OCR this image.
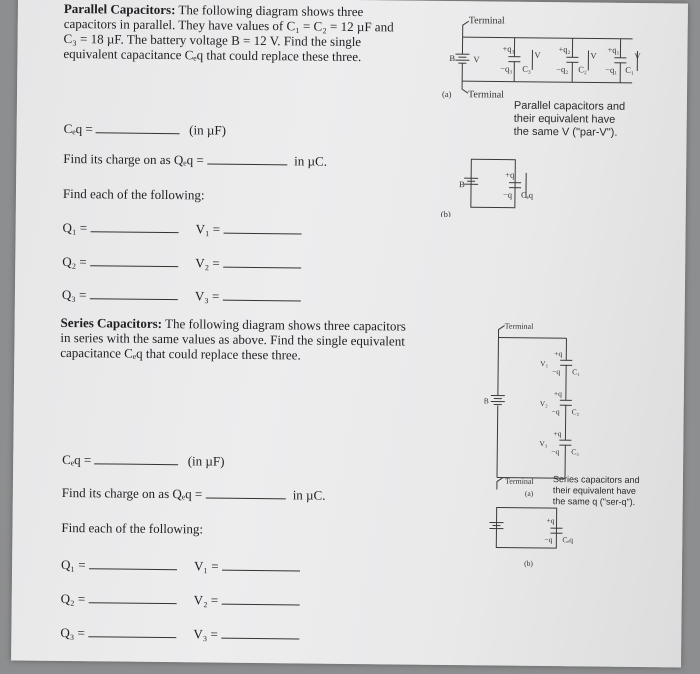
Parallel Capacitors: The following diagram shows three
capacitors in parallel. They have values of C₁ = C₂ = 12 µF and
C₃ = 18 µF. The battery voltage B = 12 V. Find the single
equivalent capacitance Cₑq that could replace these three.
Cₑq =	(in µF)
Find its charge on as Qₑq =	in µC.
Find each of the following:
Q₁ =	V₁ =
Q₂ =	V₂ =
Q₃ =	V₃ =
Series Capacitors: The following diagram shows three capacitors
in series with the same values as above. Find the single equivalent
capacitance Cₑq that could replace these three.
Cₑq =	(in µF)
Find its charge on as Qₑq =	in µC.
Find each of the following:
Q₁ =	V₁ =
Q₂ =	V₂ =
Q₃ =	V₃ =
Terminal
Terminal
(a)
(b)
B V
+q₃
−q₃ C₃
V
+q₂
−q₂ C₂
V
+q₁
−q₁ C₁
V
B
+q
−q Cₑq
Parallel capacitors and
their equivalent have
the same V ("par-V").
Terminal
Terminal
(a)
(b)
B
V₁
V₂
V₃
+q
−q C₁
+q
−q C₂
+q
−q C₃
+q
−q Cₑq
Series capacitors and
their equivalent have
the same q ("ser-q").
